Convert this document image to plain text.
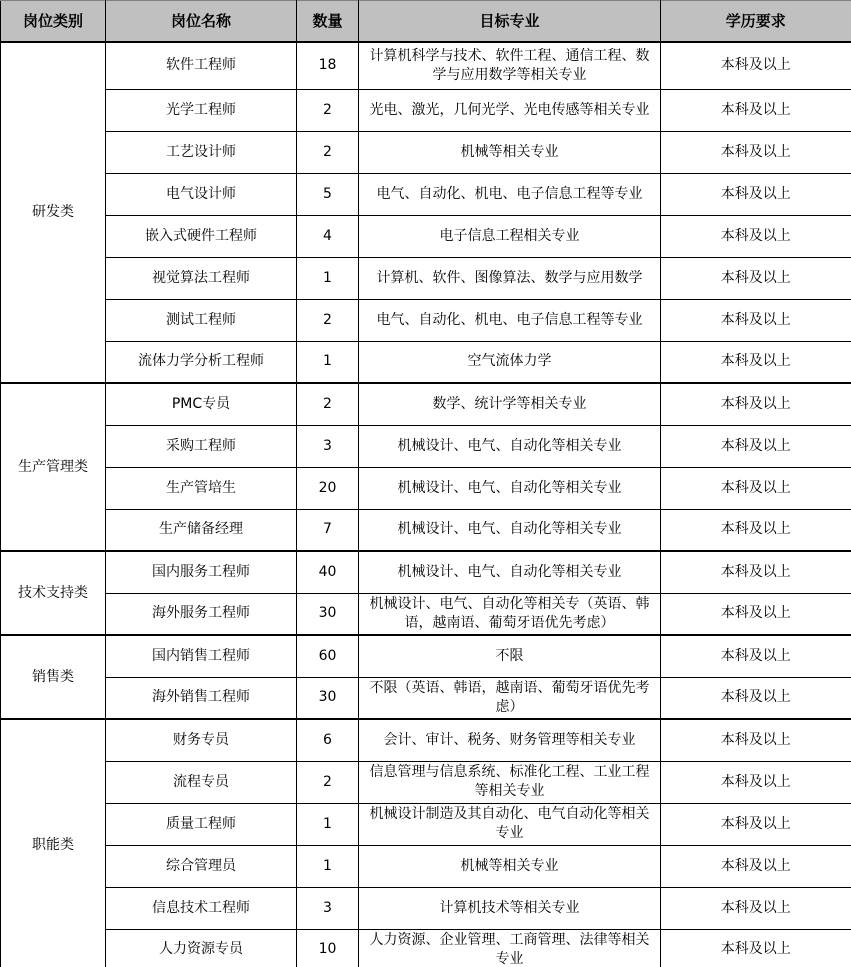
岗位类别	岗位名称	数量	目标专业	学历要求
研发类	软件工程师	18	计算机科学与技术、软件工程、通信工程、数学与应用数学等相关专业	本科及以上
	光学工程师	2	光电、激光，几何光学、光电传感等相关专业	本科及以上
	工艺设计师	2	机械等相关专业	本科及以上
	电气设计师	5	电气、自动化、机电、电子信息工程等专业	本科及以上
	嵌入式硬件工程师	4	电子信息工程相关专业	本科及以上
	视觉算法工程师	1	计算机、软件、图像算法、数学与应用数学	本科及以上
	测试工程师	2	电气、自动化、机电、电子信息工程等专业	本科及以上
	流体力学分析工程师	1	空气流体力学	本科及以上
生产管理类	PMC专员	2	数学、统计学等相关专业	本科及以上
	采购工程师	3	机械设计、电气、自动化等相关专业	本科及以上
	生产管培生	20	机械设计、电气、自动化等相关专业	本科及以上
	生产储备经理	7	机械设计、电气、自动化等相关专业	本科及以上
技术支持类	国内服务工程师	40	机械设计、电气、自动化等相关专业	本科及以上
	海外服务工程师	30	机械设计、电气、自动化等相关专（英语、韩语，越南语、葡萄牙语优先考虑）	本科及以上
销售类	国内销售工程师	60	不限	本科及以上
	海外销售工程师	30	不限（英语、韩语，越南语、葡萄牙语优先考虑）	本科及以上
职能类	财务专员	6	会计、审计、税务、财务管理等相关专业	本科及以上
	流程专员	2	信息管理与信息系统、标准化工程、工业工程等相关专业	本科及以上
	质量工程师	1	机械设计制造及其自动化、电气自动化等相关专业	本科及以上
	综合管理员	1	机械等相关专业	本科及以上
	信息技术工程师	3	计算机技术等相关专业	本科及以上
	人力资源专员	10	人力资源、企业管理、工商管理、法律等相关专业	本科及以上
